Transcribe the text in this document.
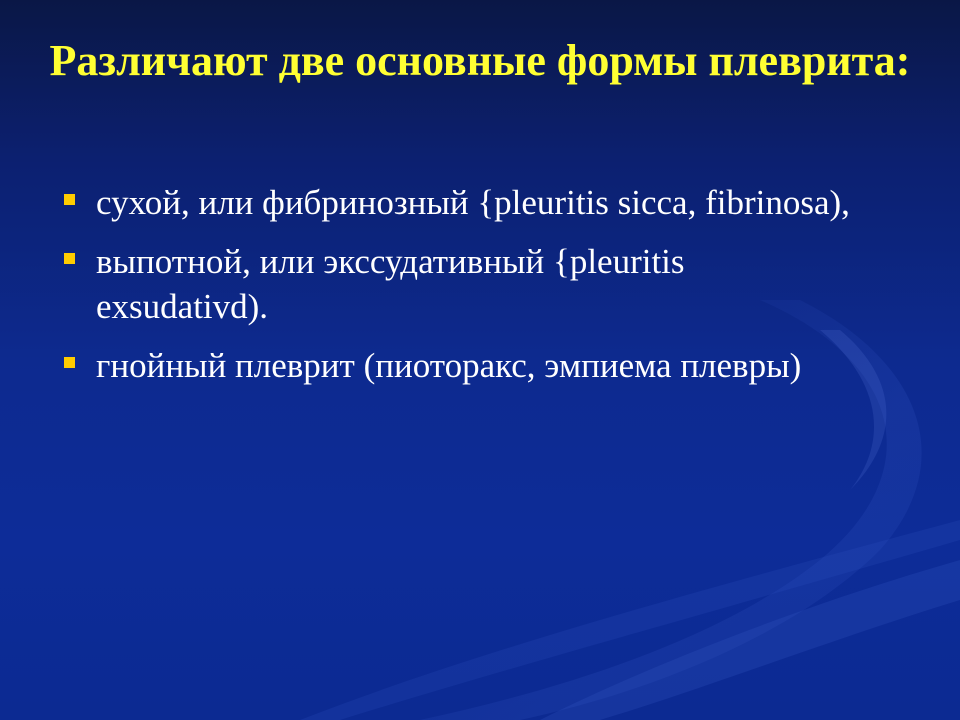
Различают две основные формы плеврита:
сухой, или фибринозный {pleuritis sicca, fibrinosa),
выпотной, или экссудативный {pleuritis exsudativd).
гнойный плеврит (пиоторакс, эмпиема плевры)
